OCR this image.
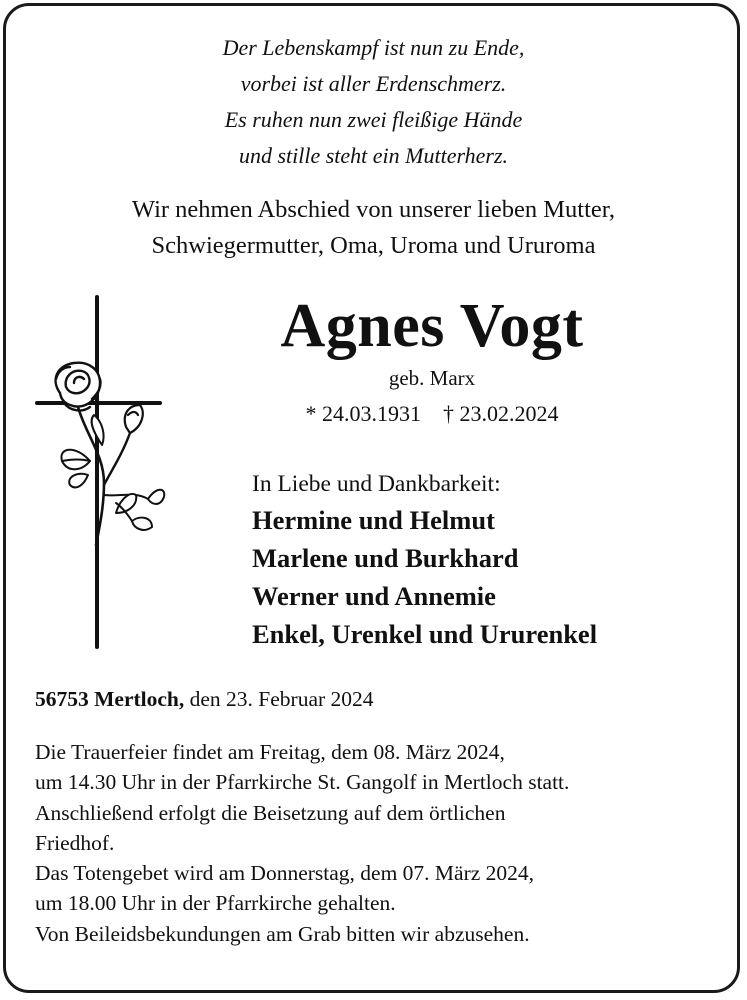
Der Lebenskampf ist nun zu Ende,
vorbei ist aller Erdenschmerz.
Es ruhen nun zwei fleißige Hände
und stille steht ein Mutterherz.
Wir nehmen Abschied von unserer lieben Mutter,
Schwiegermutter, Oma, Uroma und Ururoma
Agnes Vogt
geb. Marx
* 24.03.1931 † 23.02.2024
In Liebe und Dankbarkeit:
Hermine und Helmut
Marlene und Burkhard
Werner und Annemie
Enkel, Urenkel und Ururenkel
56753 Mertloch, den 23. Februar 2024
Die Trauerfeier findet am Freitag, dem 08. März 2024,
um 14.30 Uhr in der Pfarrkirche St. Gangolf in Mertloch statt.
Anschließend erfolgt die Beisetzung auf dem örtlichen
Friedhof.
Das Totengebet wird am Donnerstag, dem 07. März 2024,
um 18.00 Uhr in der Pfarrkirche gehalten.
Von Beileidsbekundungen am Grab bitten wir abzusehen.
